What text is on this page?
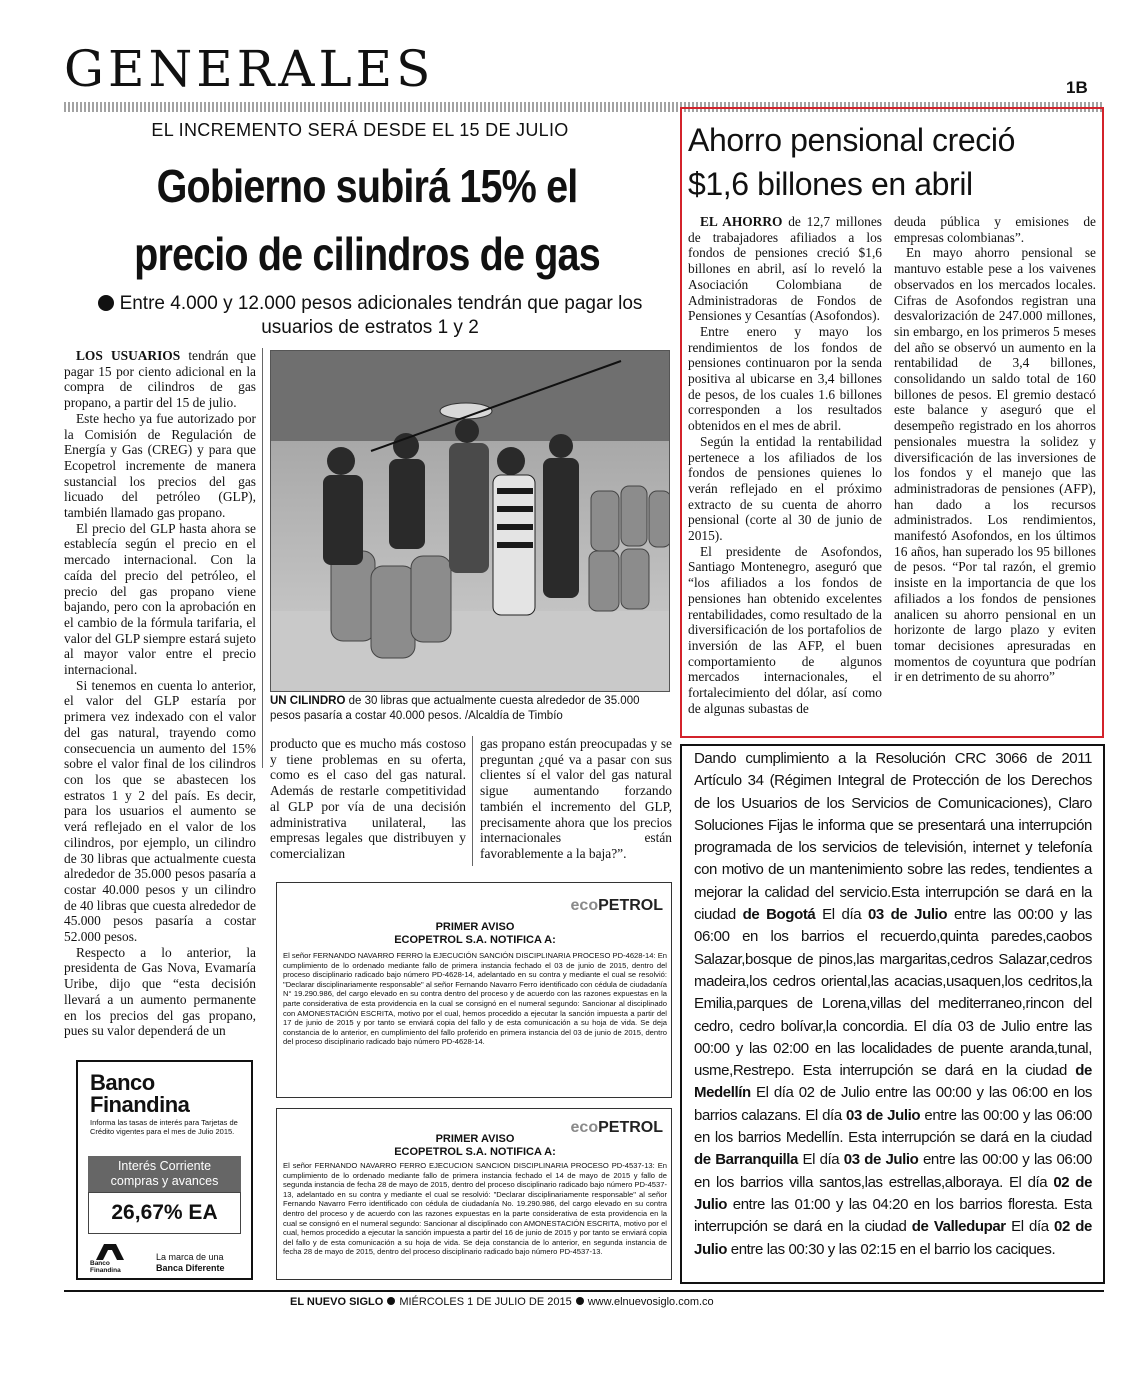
GENERALES	1B
EL INCREMENTO SERÁ DESDE EL 15 DE JULIO
Gobierno subirá 15% el precio de cilindros de gas
Entre 4.000 y 12.000 pesos adicionales tendrán que pagar los usuarios de estratos 1 y 2

LOS USUARIOS tendrán que pagar 15 por ciento adicional en la compra de cilindros de gas propano, a partir del 15 de julio.

Este hecho ya fue autorizado por la Comisión de Regulación de Energía y Gas (CREG) y para que Ecopetrol incremente de manera sustancial los precios del gas licuado del petróleo (GLP), también llamado gas propano.

El precio del GLP hasta ahora se establecía según el precio en el mercado internacional. Con la caída del precio del petróleo, el precio del gas propano viene bajando, pero con la aprobación en el cambio de la fórmula tarifaria, el valor del GLP siempre estará sujeto al mayor valor entre el precio internacional.

Si tenemos en cuenta lo anterior, el valor del GLP estaría por primera vez indexado con el valor del gas natural, trayendo como consecuencia un aumento del 15% sobre el valor final de los cilindros con los que se abastecen los estratos 1 y 2 del país. Es decir, para los usuarios el aumento se verá reflejado en el valor de los cilindros, por ejemplo, un cilindro de 30 libras que actualmente cuesta alrededor de 35.000 pesos pasaría a costar 40.000 pesos y un cilindro de 40 libras que cuesta alrededor de 45.000 pesos pasaría a costar 52.000 pesos.

Respecto a lo anterior, la presidenta de Gas Nova, Evamaría Uribe, dijo que “esta decisión llevará a un aumento permanente en los precios del gas propano, pues su valor dependerá de un

UN CILINDRO de 30 libras que actualmente cuesta alrededor de 35.000 pesos pasaría a costar 40.000 pesos. /Alcaldía de Timbío

producto que es mucho más costoso y tiene problemas en su oferta, como es el caso del gas natural. Además de restarle competitividad al GLP por vía de una decisión administrativa unilateral, las empresas legales que distribuyen y comercializan

gas propano están preocupadas y se preguntan ¿qué va a pasar con sus clientes sí el valor del gas natural sigue aumentando forzando también el incremento del GLP, precisamente ahora que los precios internacionales están favorablemente a la baja?”.

ecoPETROL
PRIMER AVISO
ECOPETROL S.A. NOTIFICA A:
El señor FERNANDO NAVARRO FERRO la EJECUCIÓN SANCIÓN DISCIPLINARIA PROCESO PD-4628-14: En cumplimiento de lo ordenado mediante fallo de primera instancia fechado el 03 de junio de 2015, dentro del proceso disciplinario radicado bajo número PD-4628-14, adelantado en su contra y mediante el cual se resolvió: "Declarar disciplinariamente responsable" al señor Fernando Navarro Ferro identificado con cédula de ciudadanía N° 19.290.986, del cargo elevado en su contra dentro del proceso y de acuerdo con las razones expuestas en la parte considerativa de esta providencia en la cual se consignó en el numeral segundo: Sancionar al disciplinado con AMONESTACIÓN ESCRITA, motivo por el cual, hemos procedido a ejecutar la sanción impuesta a partir del 17 de junio de 2015 y por tanto se enviará copia del fallo y de esta comunicación a su hoja de vida. Se deja constancia de lo anterior, en cumplimiento del fallo proferido en primera instancia del 03 de junio de 2015, dentro del proceso disciplinario radicado bajo número PD-4628-14.
ecoPETROL
PRIMER AVISO
ECOPETROL S.A. NOTIFICA A:
El señor FERNANDO NAVARRO FERRO EJECUCION SANCION DISCIPLINARIA PROCESO PD-4537-13: En cumplimiento de lo ordenado mediante fallo de primera instancia fechado el 14 de mayo de 2015 y fallo de segunda instancia de fecha 28 de mayo de 2015, dentro del proceso disciplinario radicado bajo número PD-4537-13, adelantado en su contra y mediante el cual se resolvió: "Declarar disciplinariamente responsable" al señor Fernando Navarro Ferro identificado con cédula de ciudadanía No. 19.290.986, del cargo elevado en su contra dentro del proceso y de acuerdo con las razones expuestas en la parte considerativa de esta providencia en la cual se consignó en el numeral segundo: Sancionar al disciplinado con AMONESTACIÓN ESCRITA, motivo por el cual, hemos procedido a ejecutar la sanción impuesta a partir del 16 de junio de 2015 y por tanto se enviará copia del fallo y de esta comunicación a su hoja de vida. Se deja constancia de lo anterior, en segunda instancia de fecha 28 de mayo de 2015, dentro del proceso disciplinario radicado bajo número PD-4537-13.
Banco
Finandina
Informa las tasas de interés para Tarjetas de Crédito vigentes para el mes de Julio 2015.
Interés Corriente
compras y avances
26,67% EA
Banco
Finandina
La marca de una
Banca Diferente
Ahorro pensional creció
$1,6 billones en abril

EL AHORRO de 12,7 millones de trabajadores afiliados a los fondos de pensiones creció $1,6 billones en abril, así lo reveló la Asociación Colombiana de Administradoras de Fondos de Pensiones y Cesantías (Asofondos).

Entre enero y mayo los rendimientos de los fondos de pensiones continuaron por la senda positiva al ubicarse en 3,4 billones de pesos, de los cuales 1.6 billones corresponden a los resultados obtenidos en el mes de abril.

Según la entidad la rentabilidad pertenece a los afiliados de los fondos de pensiones quienes lo verán reflejado en el próximo extracto de su cuenta de ahorro pensional (corte al 30 de junio de 2015).

El presidente de Asofondos, Santiago Montenegro, aseguró que “los afiliados a los fondos de pensiones han obtenido excelentes rentabilidades, como resultado de la diversificación de los portafolios de inversión de las AFP, el buen comportamiento de algunos mercados internacionales, el fortalecimiento del dólar, así como de algunas subastas de

deuda pública y emisiones de empresas colombianas”.

En mayo ahorro pensional se mantuvo estable pese a los vaivenes observados en los mercados locales. Cifras de Asofondos registran una desvalorización de 247.000 millones, sin embargo, en los primeros 5 meses del año se observó un aumento en la rentabilidad de 3,4 billones, consolidando un saldo total de 160 billones de pesos. El gremio destacó este balance y aseguró que el desempeño registrado en los ahorros pensionales muestra la solidez y diversificación de las inversiones de los fondos y el manejo que las administradoras de pensiones (AFP), han dado a los recursos administrados. Los rendimientos, manifestó Asofondos, en los últimos 16 años, han superado los 95 billones de pesos. “Por tal razón, el gremio insiste en la importancia de que los afiliados a los fondos de pensiones analicen su ahorro pensional en un horizonte de largo plazo y eviten tomar decisiones apresuradas en momentos de coyuntura que podrían ir en detrimento de su ahorro”

Dando cumplimiento a la Resolución CRC 3066 de 2011 Artículo 34 (Régimen Integral de Protección de los Derechos de los Usuarios de los Servicios de Comunicaciones), Claro Soluciones Fijas le informa que se presentará una interrupción programada de los servicios de televisión, internet y telefonía con motivo de un mantenimiento sobre las redes, tendientes a mejorar la calidad del servicio.Esta interrupción se dará en la ciudad de Bogotá El día 03 de Julio entre las 00:00 y las 06:00 en los barrios el recuerdo,quinta paredes,caobos Salazar,bosque de pinos,las margaritas,cedros Salazar,cedros madeira,los cedros oriental,las acacias,usaquen,los cedritos,la Emilia,parques de Lorena,villas del mediterraneo,rincon del cedro, cedro bolívar,la concordia. El día 03 de Julio entre las 00:00 y las 02:00 en las localidades de puente aranda,tunal, usme,Restrepo. Esta interrupción se dará en la ciudad de Medellín El día 02 de Julio entre las 00:00 y las 06:00 en los barrios calazans. El día 03 de Julio entre las 00:00 y las 06:00 en los barrios Medellín. Esta interrupción se dará en la ciudad de Barranquilla El día 03 de Julio entre las 00:00 y las 06:00 en los barrios villa santos,las estrellas,alboraya. El día 02 de Julio entre las 01:00 y las 04:20 en los barrios floresta. Esta interrupción se dará en la ciudad de Valledupar El día 02 de Julio entre las 00:30 y las 02:15 en el barrio los caciques.
EL NUEVO SIGLO MIÉRCOLES 1 DE JULIO DE 2015 www.elnuevosiglo.com.co
